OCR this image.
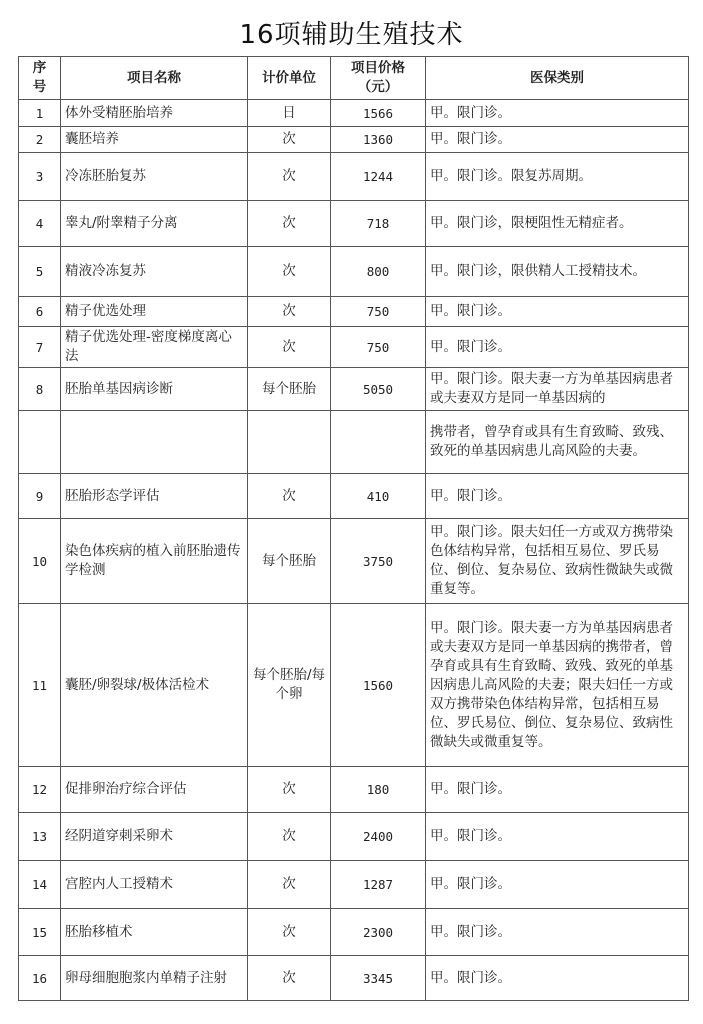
16项辅助生殖技术
序号	项目名称	计价单位	项目价格（元）	医保类别
1	体外受精胚胎培养	日	1566	甲。限门诊。
2	囊胚培养	次	1360	甲。限门诊。
3	冷冻胚胎复苏	次	1244	甲。限门诊。限复苏周期。
4	睾丸/附睾精子分离	次	718	甲。限门诊，限梗阻性无精症者。
5	精液冷冻复苏	次	800	甲。限门诊，限供精人工授精技术。
6	精子优选处理	次	750	甲。限门诊。
7	精子优选处理-密度梯度离心法	次	750	甲。限门诊。
8	胚胎单基因病诊断	每个胚胎	5050	甲。限门诊。限夫妻一方为单基因病患者或夫妻双方是同一单基因病的
				携带者，曾孕育或具有生育致畸、致残、致死的单基因病患儿高风险的夫妻。
9	胚胎形态学评估	次	410	甲。限门诊。
10	染色体疾病的植入前胚胎遗传学检测	每个胚胎	3750	甲。限门诊。限夫妇任一方或双方携带染色体结构异常，包括相互易位、罗氏易位、倒位、复杂易位、致病性微缺失或微重复等。
11	囊胚/卵裂球/极体活检术	每个胚胎/每个卵	1560	甲。限门诊。限夫妻一方为单基因病患者或夫妻双方是同一单基因病的携带者，曾孕育或具有生育致畸、致残、致死的单基因病患儿高风险的夫妻；限夫妇任一方或双方携带染色体结构异常，包括相互易位、罗氏易位、倒位、复杂易位、致病性微缺失或微重复等。
12	促排卵治疗综合评估	次	180	甲。限门诊。
13	经阴道穿刺采卵术	次	2400	甲。限门诊。
14	宫腔内人工授精术	次	1287	甲。限门诊。
15	胚胎移植术	次	2300	甲。限门诊。
16	卵母细胞胞浆内单精子注射	次	3345	甲。限门诊。
